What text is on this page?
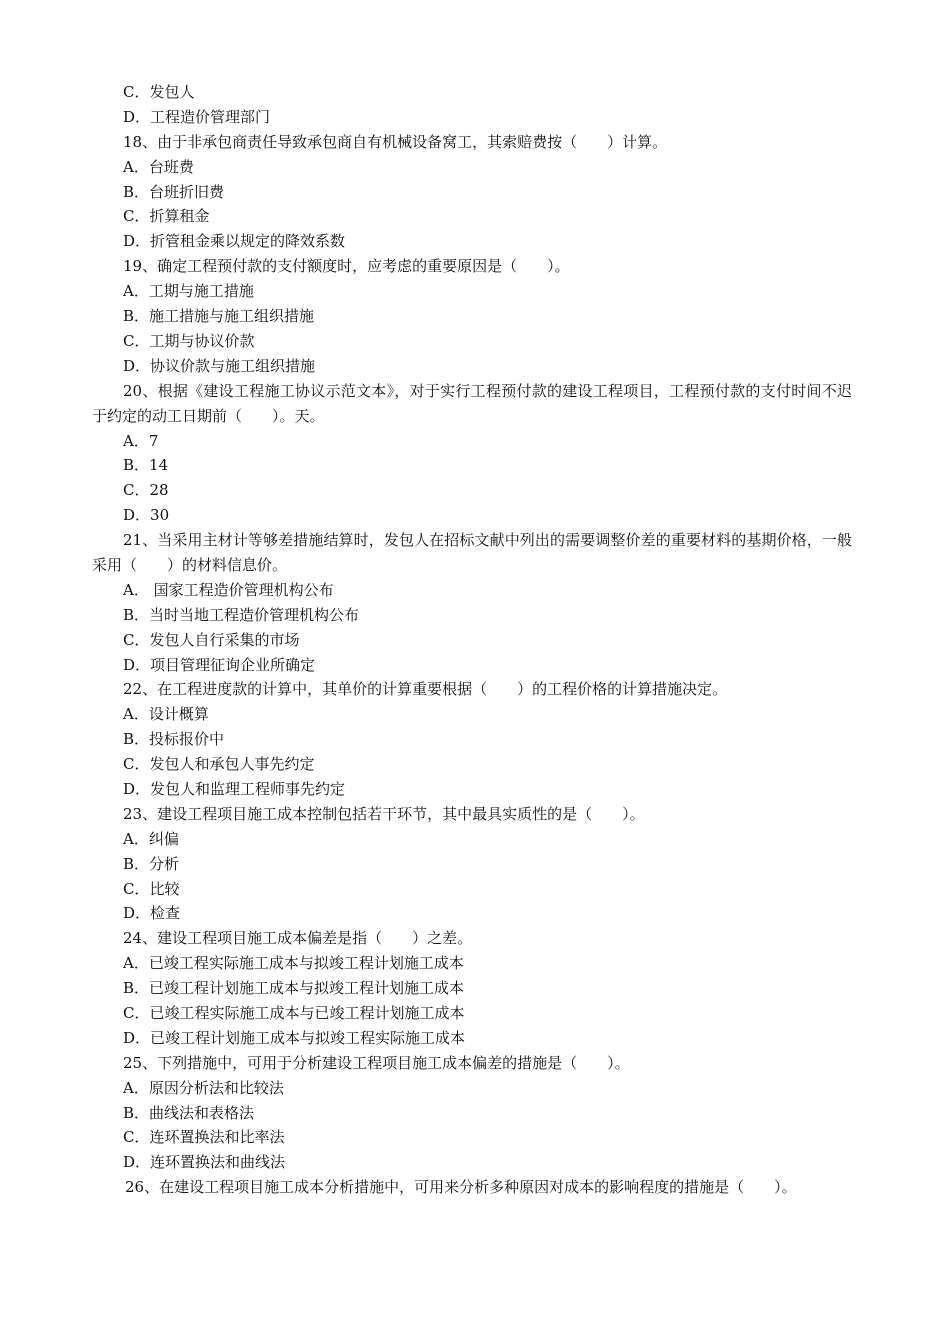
C．发包人
D．工程造价管理部门
18、由于非承包商责任导致承包商自有机械设备窝工，其索赔费按（　　）计算。
A．台班费
B．台班折旧费
C．折算租金
D．折管租金乘以规定的降效系数
19、确定工程预付款的支付额度时，应考虑的重要原因是（　　）。
A．工期与施工措施
B．施工措施与施工组织措施
C．工期与协议价款
D．协议价款与施工组织措施
20、根据《建设工程施工协议示范文本》，对于实行工程预付款的建设工程项目，工程预付款的支付时间不迟于约定的动工日期前（　　）。天。
A．7
B．14
C．28
D．30
21、当采用主材计等够差措施结算时，发包人在招标文献中列出的需要调整价差的重要材料的基期价格，一般采用（　　）的材料信息价。
A． 国家工程造价管理机构公布
B．当时当地工程造价管理机构公布
C．发包人自行采集的市场
D．项目管理征询企业所确定
22、在工程进度款的计算中，其单价的计算重要根据（　　）的工程价格的计算措施决定。
A．设计概算
B．投标报价中
C．发包人和承包人事先约定
D．发包人和监理工程师事先约定
23、建设工程项目施工成本控制包括若干环节，其中最具实质性的是（　　）。
A．纠偏
B．分析
C．比较
D．检查
24、建设工程项目施工成本偏差是指（　　）之差。
A．已竣工程实际施工成本与拟竣工程计划施工成本
B．已竣工程计划施工成本与拟竣工程计划施工成本
C．已竣工程实际施工成本与已竣工程计划施工成本
D．已竣工程计划施工成本与拟竣工程实际施工成本
25、下列措施中，可用于分析建设工程项目施工成本偏差的措施是（　　）。
A．原因分析法和比较法
B．曲线法和表格法
C．连环置换法和比率法
D．连环置换法和曲线法
26、在建设工程项目施工成本分析措施中，可用来分析多种原因对成本的影响程度的措施是（　　）。
